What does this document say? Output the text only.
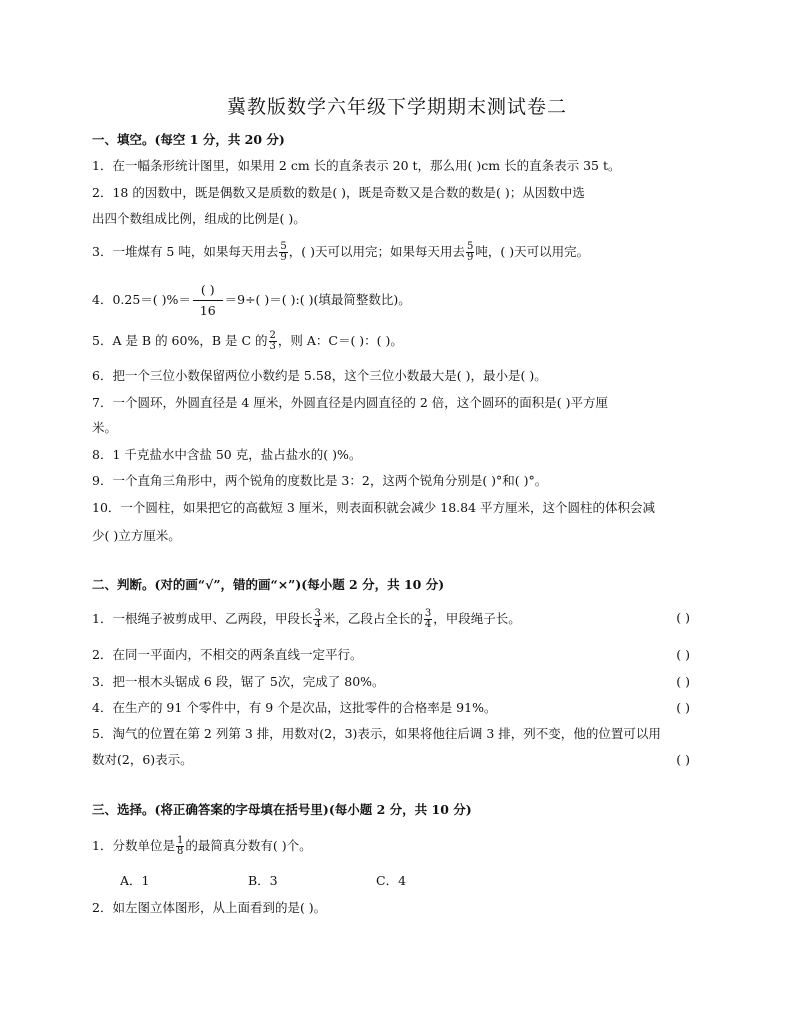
冀教版数学六年级下学期期末测试卷二
一、填空。(每空 1 分，共 20 分)
1．在一幅条形统计图里，如果用 2 cm 长的直条表示 20 t，那么用( )cm 长的直条表示 35 t。
2．18 的因数中，既是偶数又是质数的数是( )，既是奇数又是合数的数是( )；从因数中选
出四个数组成比例，组成的比例是( )。
3．一堆煤有 5 吨，如果每天用去 $\frac{5}{9}$ ，( )天可以用完；如果每天用去 $\frac{5}{9}$ 吨，( )天可以用完。
4．0.25＝( )%＝ $\frac{( )}{16} =9\div$( )＝( ):( )(填最简整数比)。
5．A 是 B 的 60%，B 是 C 的 $\frac{2}{3}$ ，则 A：C＝( )：( )。
6．把一个三位小数保留两位小数约是 5.58，这个三位小数最大是( )，最小是( )。
7．一个圆环，外圆直径是 4 厘米，外圆直径是内圆直径的 2 倍，这个圆环的面积是( )平方厘
米。
8．1 千克盐水中含盐 50 克，盐占盐水的( )%。
9．一个直角三角形中，两个锐角的度数比是 3：2，这两个锐角分别是( )°和( )°。
10．一个圆柱，如果把它的高截短 3 厘米，则表面积就会减少 18.84 平方厘米，这个圆柱的体积会减
少( )立方厘米。
二、判断。(对的画“√”，错的画“×”)(每小题 2 分，共 10 分)
1．一根绳子被剪成甲、乙两段，甲段长 $\frac{3}{4}$ 米，乙段占全长的 $\frac{3}{4}$ ，甲段绳子长。	( )
2．在同一平面内，不相交的两条直线一定平行。	( )
3．把一根木头锯成 6 段，锯了 5次，完成了 80%。	( )
4．在生产的 91 个零件中，有 9 个是次品，这批零件的合格率是 91%。	( )
5．淘气的位置在第 2 列第 3 排，用数对(2，3)表示，如果将他往后调 3 排，列不变，他的位置可以用
数对(2，6)表示。	( )
三、选择。(将正确答案的字母填在括号里)(每小题 2 分，共 10 分)
1．分数单位是 $\frac{1}{8}$ 的最简真分数有( )个。
A．1	B．3	C．4
2．如左图立体图形，从上面看到的是( )。
